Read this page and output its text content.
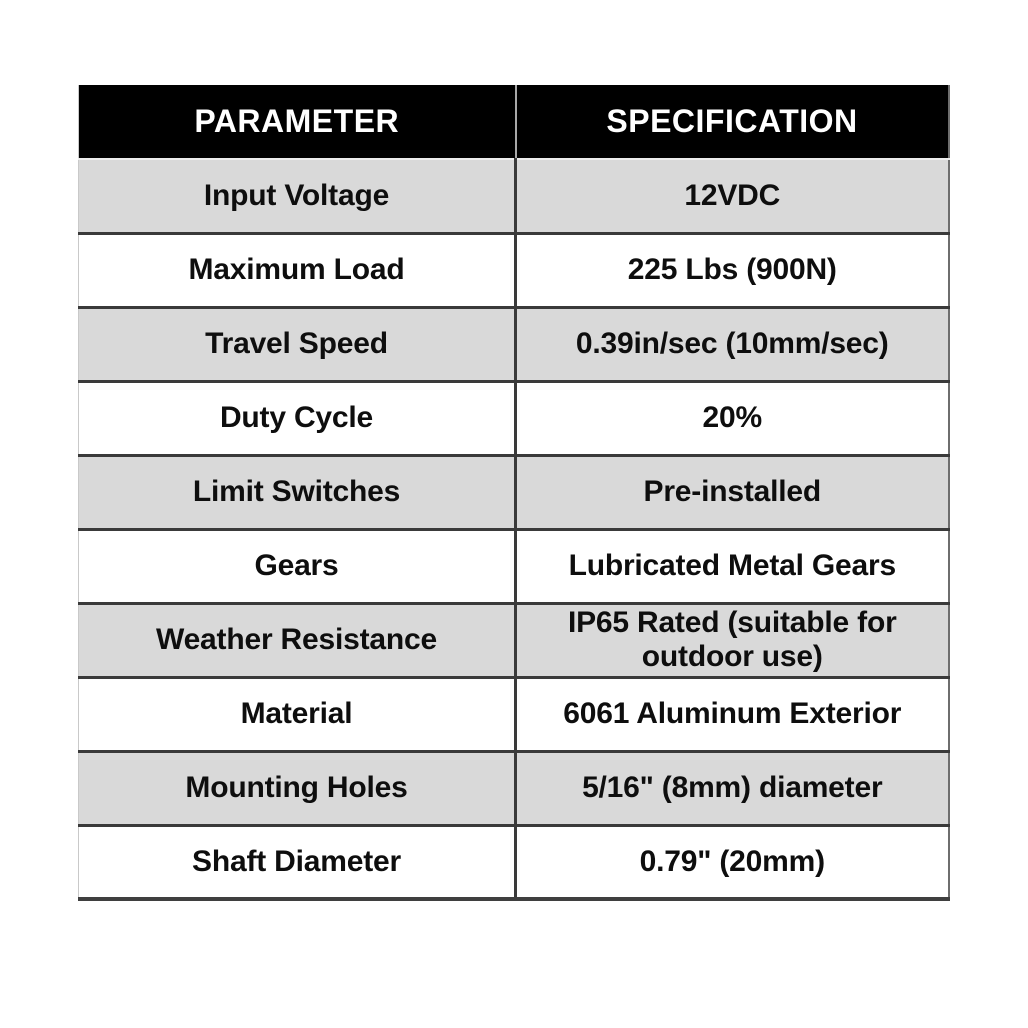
PARAMETER	SPECIFICATION
Input Voltage	12VDC
Maximum Load	225 Lbs (900N)
Travel Speed	0.39in/sec (10mm/sec)
Duty Cycle	20%
Limit Switches	Pre-installed
Gears	Lubricated Metal Gears
Weather Resistance	IP65 Rated (suitable for outdoor use)
Material	6061 Aluminum Exterior
Mounting Holes	5/16" (8mm) diameter
Shaft Diameter	0.79" (20mm)
